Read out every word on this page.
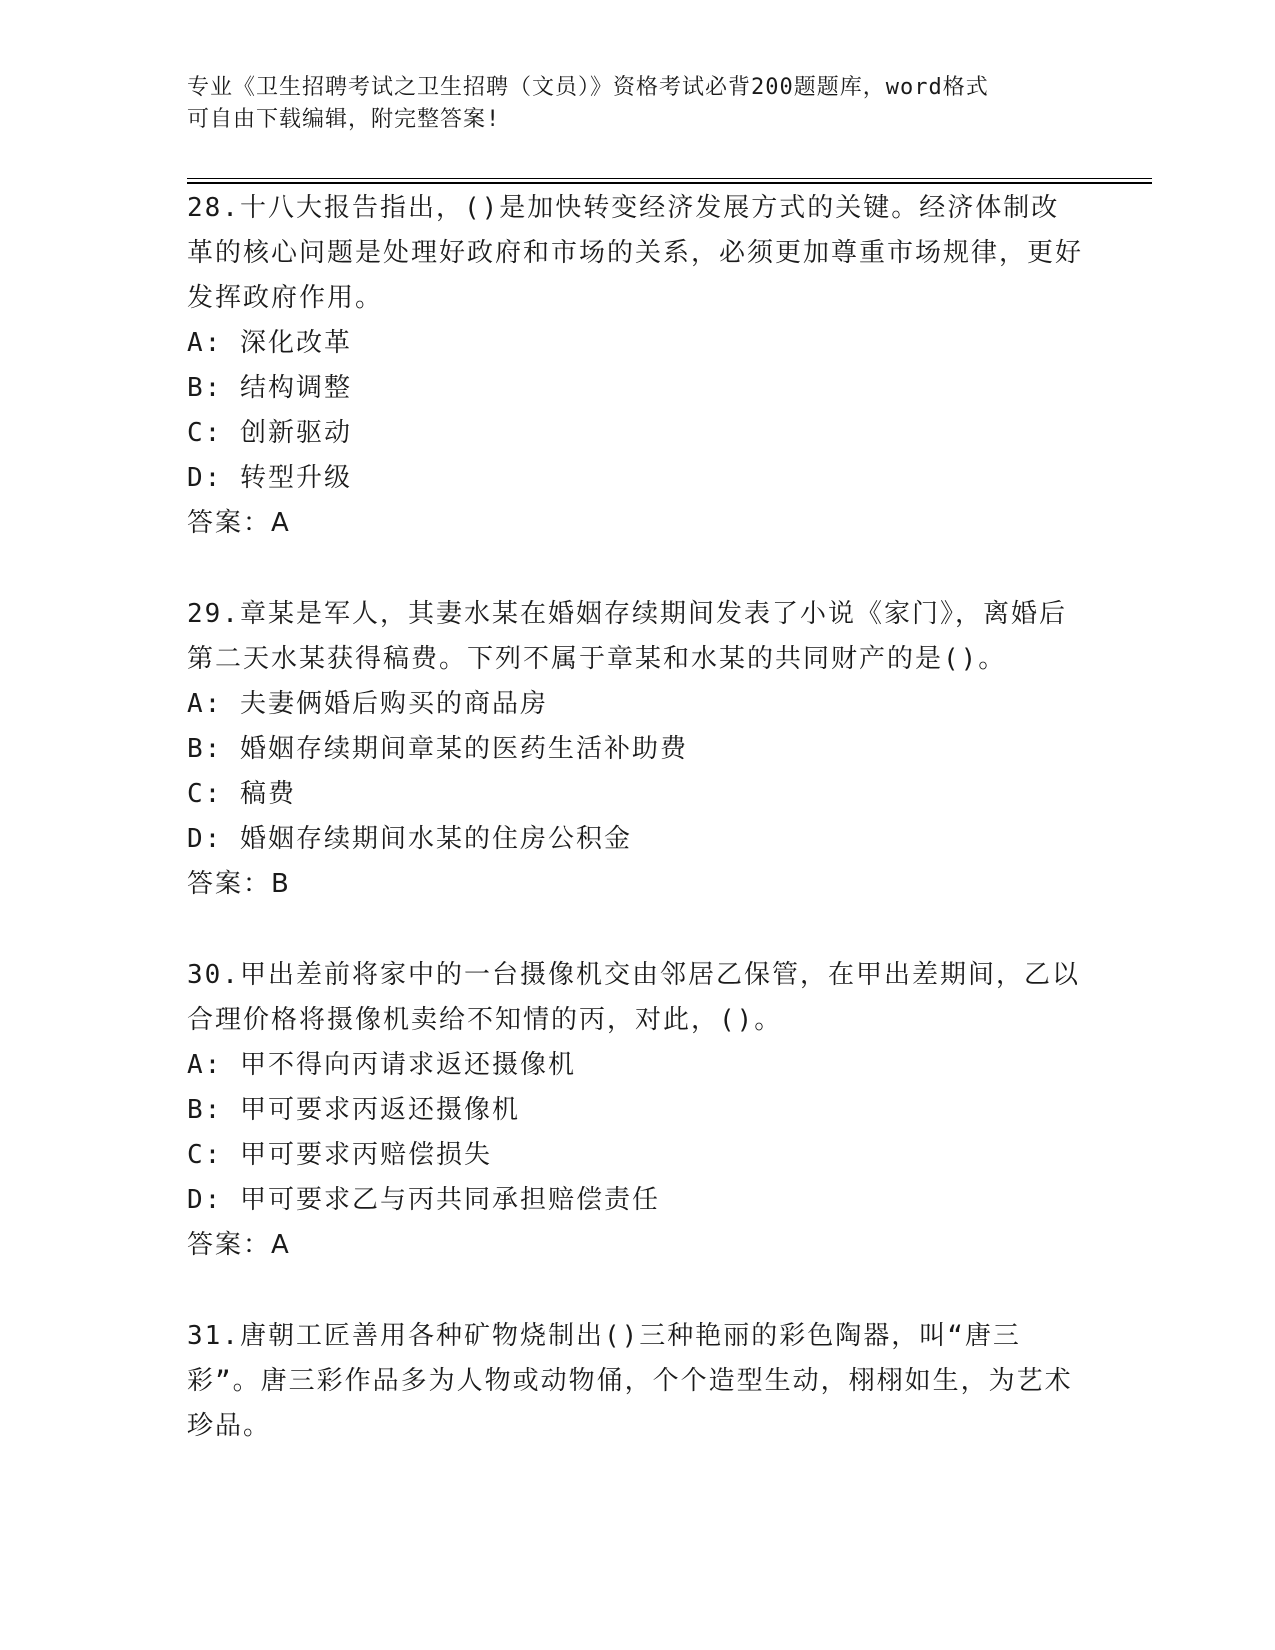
专业《卫生招聘考试之卫生招聘（文员）》资格考试必背200题题库，word格式
可自由下载编辑，附完整答案!

28.十八大报告指出，()是加快转变经济发展方式的关键。经济体制改革的核心问题是处理好政府和市场的关系，必须更加尊重市场规律，更好发挥政府作用。

A: 深化改革

B: 结构调整

C: 创新驱动

D: 转型升级

答案：A

29.章某是军人，其妻水某在婚姻存续期间发表了小说《家门》，离婚后第二天水某获得稿费。下列不属于章某和水某的共同财产的是()。

A: 夫妻俩婚后购买的商品房

B: 婚姻存续期间章某的医药生活补助费

C: 稿费

D: 婚姻存续期间水某的住房公积金

答案：B

30.甲出差前将家中的一台摄像机交由邻居乙保管，在甲出差期间，乙以合理价格将摄像机卖给不知情的丙，对此，()。

A: 甲不得向丙请求返还摄像机

B: 甲可要求丙返还摄像机

C: 甲可要求丙赔偿损失

D: 甲可要求乙与丙共同承担赔偿责任

答案：A

31.唐朝工匠善用各种矿物烧制出()三种艳丽的彩色陶器，叫“唐三彩”。唐三彩作品多为人物或动物俑，个个造型生动，栩栩如生，为艺术珍品。
